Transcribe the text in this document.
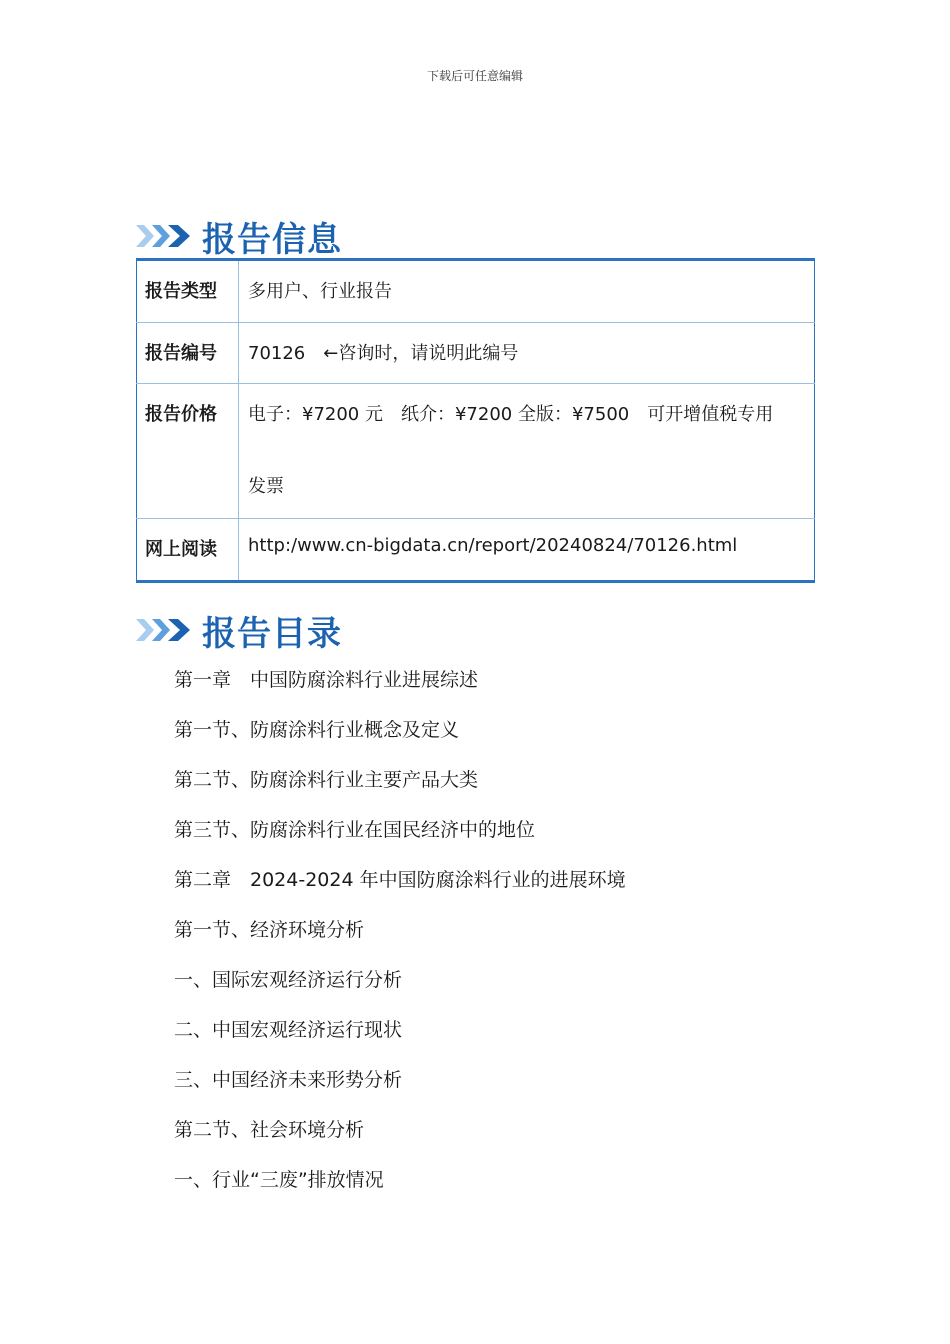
下载后可任意编辑
报告信息
报告类型	多用户、行业报告
报告编号	70126　←咨询时，请说明此编号
报告价格	电子：¥7200 元　纸介：¥7200 全版：¥7500　可开增值税专用
发票

网上阅读	http:/www.cn-bigdata.cn/report/20240824/70126.html
报告目录
第一章　中国防腐涂料行业进展综述
第一节、防腐涂料行业概念及定义
第二节、防腐涂料行业主要产品大类
第三节、防腐涂料行业在国民经济中的地位
第二章　2024-2024 年中国防腐涂料行业的进展环境
第一节、经济环境分析
一、国际宏观经济运行分析
二、中国宏观经济运行现状
三、中国经济未来形势分析
第二节、社会环境分析
一、行业“三废”排放情况
